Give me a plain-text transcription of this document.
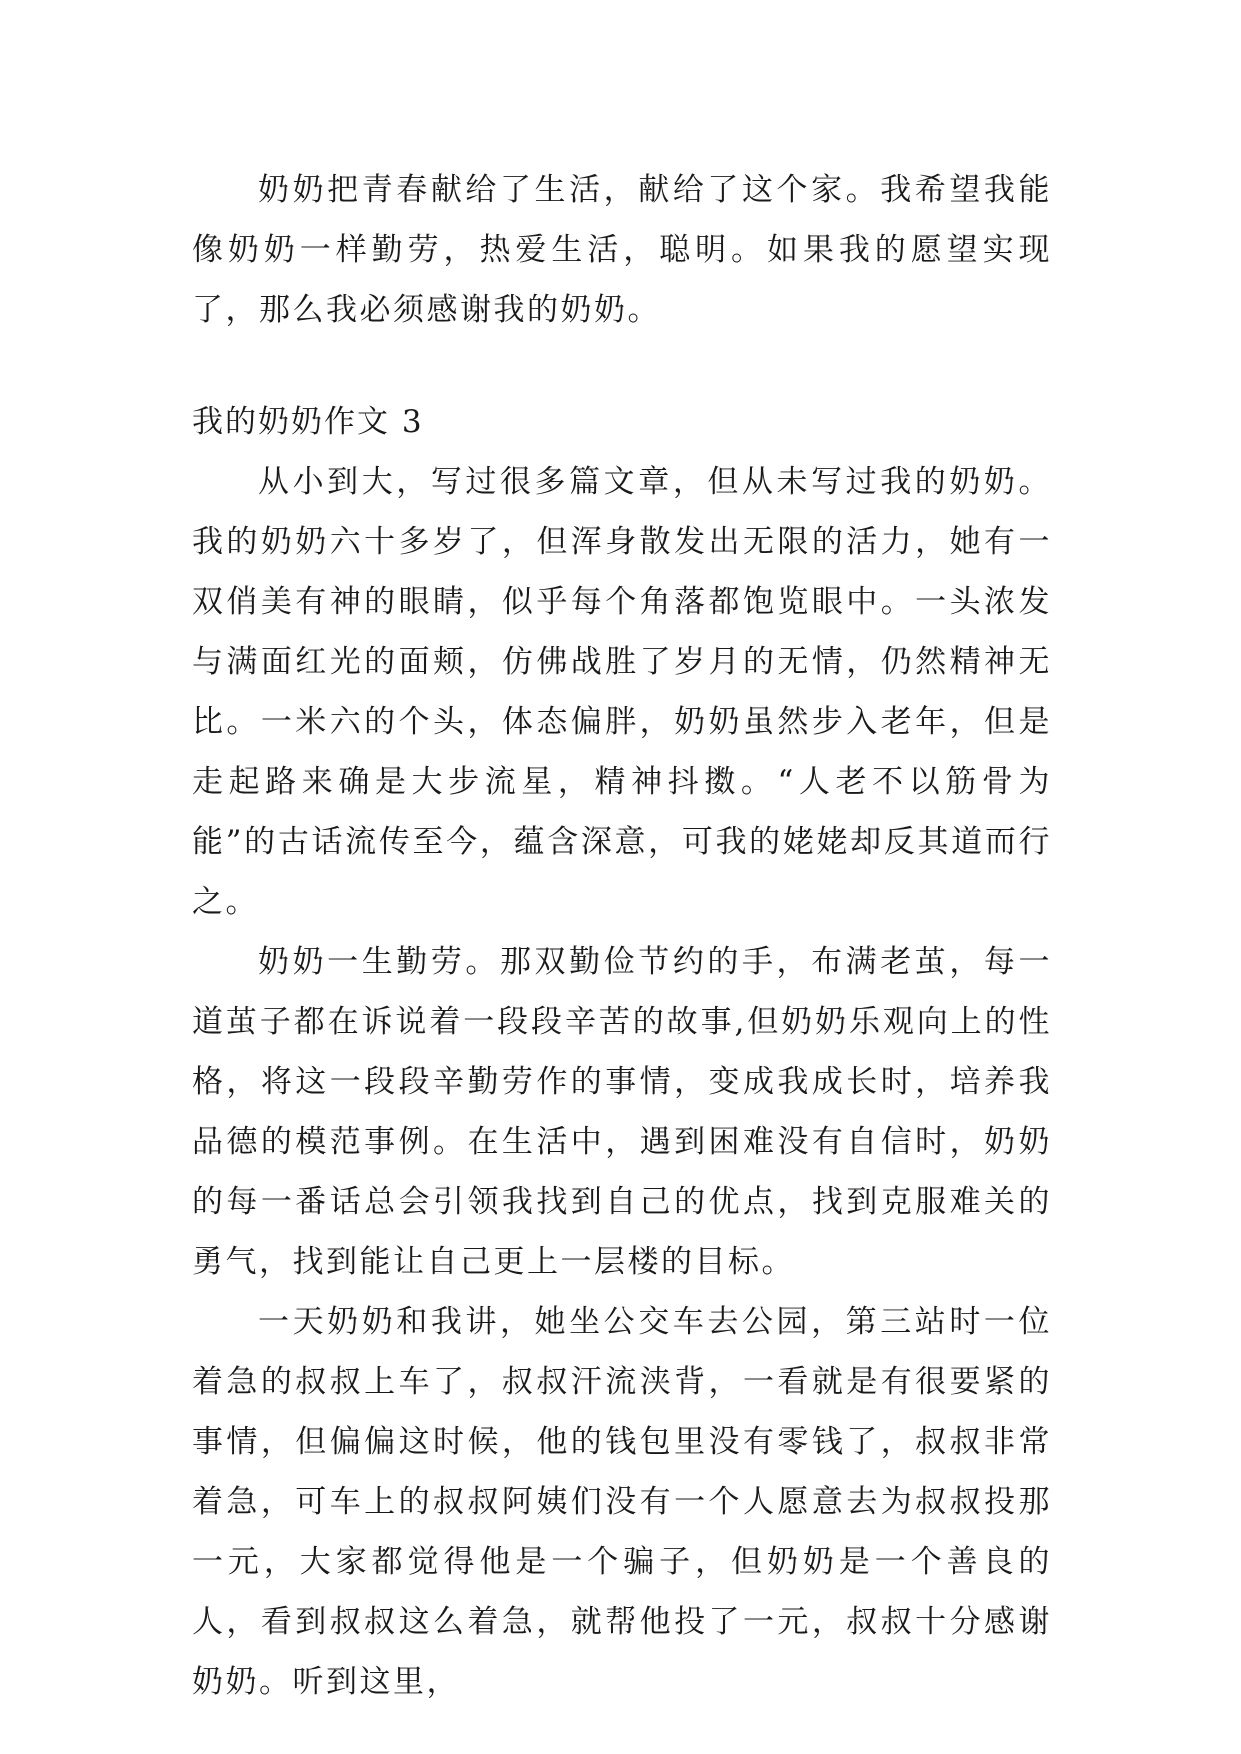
奶奶把青春献给了生活，献给了这个家。我希望我能像奶奶一样勤劳，热爱生活，聪明。如果我的愿望实现了，那么我必须感谢我的奶奶。

我的奶奶作文 3

从小到大，写过很多篇文章，但从未写过我的奶奶。我的奶奶六十多岁了，但浑身散发出无限的活力，她有一双俏美有神的眼睛，似乎每个角落都饱览眼中。一头浓发与满面红光的面颊，仿佛战胜了岁月的无情，仍然精神无比。一米六的个头，体态偏胖，奶奶虽然步入老年，但是走起路来确是大步流星，精神抖擞。“人老不以筋骨为能”的古话流传至今，蕴含深意，可我的姥姥却反其道而行之。

奶奶一生勤劳。那双勤俭节约的手，布满老茧，每一道茧子都在诉说着一段段辛苦的故事,但奶奶乐观向上的性格，将这一段段辛勤劳作的事情，变成我成长时，培养我品德的模范事例。在生活中，遇到困难没有自信时，奶奶的每一番话总会引领我找到自己的优点，找到克服难关的勇气，找到能让自己更上一层楼的目标。

一天奶奶和我讲，她坐公交车去公园，第三站时一位着急的叔叔上车了，叔叔汗流浃背，一看就是有很要紧的事情，但偏偏这时候，他的钱包里没有零钱了，叔叔非常着急，可车上的叔叔阿姨们没有一个人愿意去为叔叔投那一元，大家都觉得他是一个骗子，但奶奶是一个善良的人，看到叔叔这么着急，就帮他投了一元，叔叔十分感谢奶奶。听到这里，
